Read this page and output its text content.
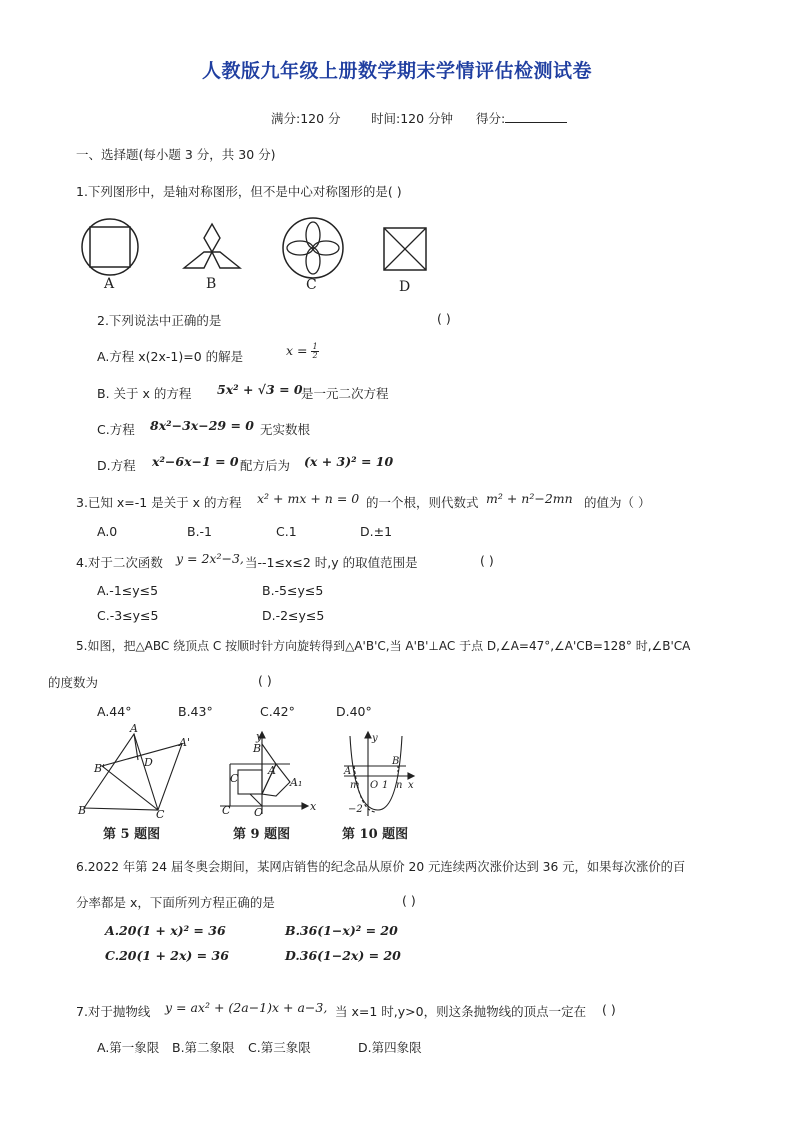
人教版九年级上册数学期末学情评估检测试卷
满分:120 分 时间:120 分钟 得分:
一、选择题(每小题 3 分，共 30 分)
1.下列图形中，是轴对称图形，但不是中心对称图形的是( )
A	B	C	D
2.下列说法中正确的是	( )
A.方程 x(2x-1)=0 的解是	$x = \frac{1}{2}$
B. 关于 x 的方程 5x² + √3 = 0
是一元二次方程
C.方程 8x²−3x−29 = 0 无实数根
D.方程 x²−6x−1 = 0 配方后为 (x + 3)² = 10
3.已知 x=-1 是关于 x 的方程 x² + mx + n = 0 的一个根，则代数式 m² + n²−2mn 的值为（ ）
A.0	B.-1	C.1	D.±1
4.对于二次函数 y = 2x²−3, 当--1≤x≤2 时,y 的取值范围是	( )
A.-1≤y≤5	B.-5≤y≤5
C.-3≤y≤5	D.-2≤y≤5
5.如图，把△ABC 绕顶点 C 按顺时针方向旋转得到△A'B'C,当 A'B'⊥AC 于点 D,∠A=47°,∠A'CB=128° 时,∠B'CA
的度数为	( )
A.44°	B.43°	C.42°	D.40°
A
A'
B'	D
B	C
第 5 题图
y
B
A
C	A₁
C O	x
第 9 题图
y
A
B
m O 1 n x
−2
第 10 题图
6.2022 年第 24 届冬奥会期间，某网店销售的纪念品从原价 20 元连续两次涨价达到 36 元，如果每次涨价的百
分率都是 x，下面所列方程正确的是	( )
A.20(1 + x)² = 36	B.36(1−x)² = 20
C.20(1 + 2x) = 36	D.36(1−2x) = 20
7.对于抛物线 y = ax² + (2a−1)x + a−3, 当 x=1 时,y>0，则这条抛物线的顶点一定在 ( )
A.第一象限 B.第二象限 C.第三象限	D.第四象限
